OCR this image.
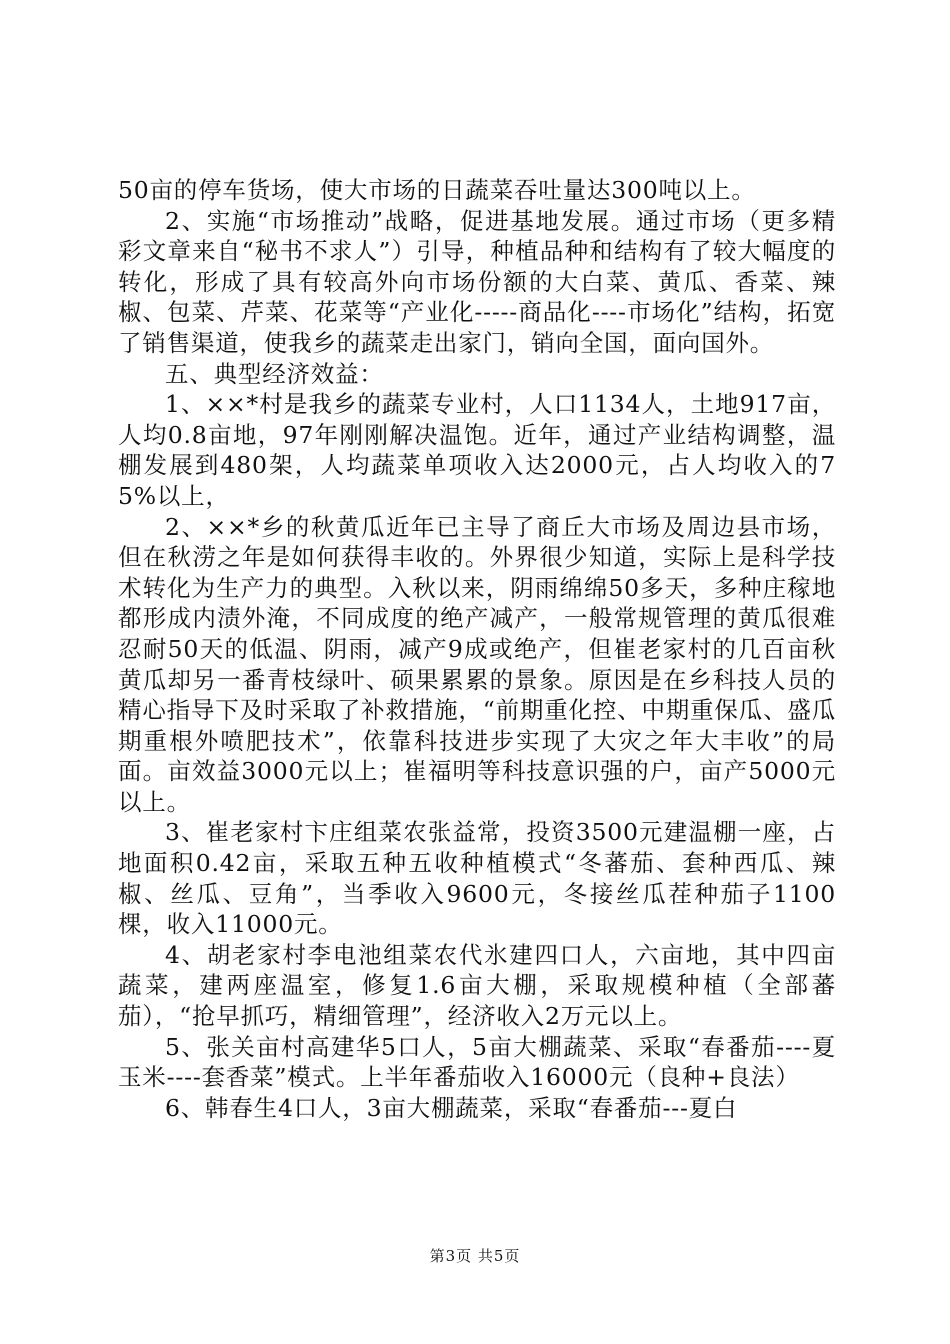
50亩的停车货场，使大市场的日蔬菜吞吐量达300吨以上。

2、实施“市场推动”战略，促进基地发展。通过市场（更多精彩文章来自“秘书不求人”）引导，种植品种和结构有了较大幅度的转化，形成了具有较高外向市场份额的大白菜、黄瓜、香菜、辣椒、包菜、芹菜、花菜等“产业化-----商品化----市场化”结构，拓宽了销售渠道，使我乡的蔬菜走出家门，销向全国，面向国外。

五、典型经济效益：

1、××*村是我乡的蔬菜专业村，人口1134人，土地917亩，人均0.8亩地，97年刚刚解决温饱。近年，通过产业结构调整，温棚发展到480架，人均蔬菜单项收入达2000元，占人均收入的75%以上，

2、××*乡的秋黄瓜近年已主导了商丘大市场及周边县市场，但在秋涝之年是如何获得丰收的。外界很少知道，实际上是科学技术转化为生产力的典型。入秋以来，阴雨绵绵50多天，多种庄稼地都形成内渍外淹，不同成度的绝产减产，一般常规管理的黄瓜很难忍耐50天的低温、阴雨，减产9成或绝产，但崔老家村的几百亩秋黄瓜却另一番青枝绿叶、硕果累累的景象。原因是在乡科技人员的精心指导下及时采取了补救措施，“前期重化控、中期重保瓜、盛瓜期重根外喷肥技术”，依靠科技进步实现了大灾之年大丰收”的局面。亩效益3000元以上；崔福明等科技意识强的户，亩产5000元以上。

3、崔老家村卞庄组菜农张益常，投资3500元建温棚一座，占地面积0.42亩，采取五种五收种植模式“冬蕃茄、套种西瓜、辣椒、丝瓜、豆角”，当季收入9600元，冬接丝瓜茬种茄子1100棵，收入11000元。

4、胡老家村李电池组菜农代氷建四口人，六亩地，其中四亩蔬菜，建两座温室，修复1.6亩大棚，采取规模种植（全部蕃茄），“抢早抓巧，精细管理”，经济收入2万元以上。

5、张关亩村高建华5口人，5亩大棚蔬菜、采取“春番茄----夏玉米----套香菜”模式。上半年番茄收入16000元（良种+良法）

6、韩春生4口人，3亩大棚蔬菜，采取“春番茄---夏白

第3页 共5页
